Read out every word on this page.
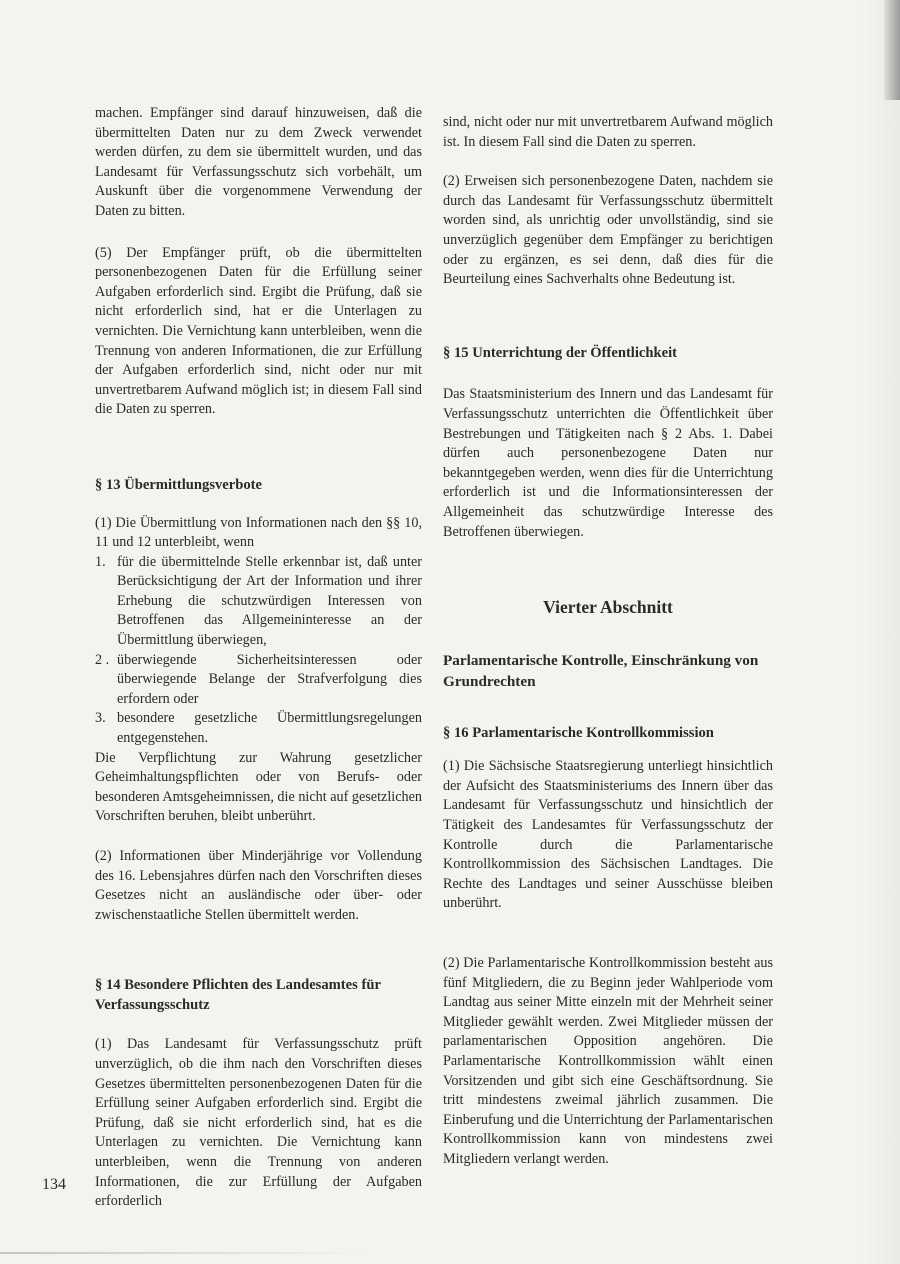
machen. Empfänger sind darauf hinzuweisen, daß die übermittelten Daten nur zu dem Zweck verwendet werden dürfen, zu dem sie übermittelt wurden, und das Landesamt für Verfassungsschutz sich vorbehält, um Auskunft über die vorgenommene Verwendung der Daten zu bitten.

(5) Der Empfänger prüft, ob die übermittelten personenbezogenen Daten für die Erfüllung seiner Aufgaben erforderlich sind. Ergibt die Prüfung, daß sie nicht erforderlich sind, hat er die Unterlagen zu vernichten. Die Vernichtung kann unterbleiben, wenn die Trennung von anderen Informationen, die zur Erfüllung der Aufgaben erforderlich sind, nicht oder nur mit unvertretbarem Aufwand möglich ist; in diesem Fall sind die Daten zu sperren.

§ 13 Übermittlungsverbote

(1) Die Übermittlung von Informationen nach den §§ 10, 11 und 12 unterbleibt, wenn

1. für die übermittelnde Stelle erkennbar ist, daß unter Berücksichtigung der Art der Information und ihrer Erhebung die schutzwürdigen Interessen von Betroffenen das Allgemeininteresse an der Übermittlung überwiegen,
2 . überwiegende Sicherheitsinteressen oder überwiegende Belange der Strafverfolgung dies erfordern oder
3. besondere gesetzliche Übermittlungsregelungen entgegenstehen.

Die Verpflichtung zur Wahrung gesetzlicher Geheimhaltungspflichten oder von Berufs- oder besonderen Amtsgeheimnissen, die nicht auf gesetzlichen Vorschriften beruhen, bleibt unberührt.

(2) Informationen über Minderjährige vor Vollendung des 16. Lebensjahres dürfen nach den Vorschriften dieses Gesetzes nicht an ausländische oder über- oder zwischenstaatliche Stellen übermittelt werden.

§ 14 Besondere Pflichten des Landesamtes für Verfassungsschutz

(1) Das Landesamt für Verfassungsschutz prüft unverzüglich, ob die ihm nach den Vorschriften dieses Gesetzes übermittelten personenbezogenen Daten für die Erfüllung seiner Aufgaben erforderlich sind. Ergibt die Prüfung, daß sie nicht erforderlich sind, hat es die Unterlagen zu vernichten. Die Vernichtung kann unterbleiben, wenn die Trennung von anderen Informationen, die zur Erfüllung der Aufgaben erforderlich

sind, nicht oder nur mit unvertretbarem Aufwand möglich ist. In diesem Fall sind die Daten zu sperren.

(2) Erweisen sich personenbezogene Daten, nachdem sie durch das Landesamt für Verfassungsschutz übermittelt worden sind, als unrichtig oder unvollständig, sind sie unverzüglich gegenüber dem Empfänger zu berichtigen oder zu ergänzen, es sei denn, daß dies für die Beurteilung eines Sachverhalts ohne Bedeutung ist.

§ 15 Unterrichtung der Öffentlichkeit

Das Staatsministerium des Innern und das Landesamt für Verfassungsschutz unterrichten die Öffentlichkeit über Bestrebungen und Tätigkeiten nach § 2 Abs. 1. Dabei dürfen auch personenbezogene Daten nur bekanntgegeben werden, wenn dies für die Unterrichtung erforderlich ist und die Informationsinteressen der Allgemeinheit das schutzwürdige Interesse des Betroffenen überwiegen.

Vierter Abschnitt
Parlamentarische Kontrolle, Einschränkung von Grundrechten

§ 16 Parlamentarische Kontrollkommission

(1) Die Sächsische Staatsregierung unterliegt hinsichtlich der Aufsicht des Staatsministeriums des Innern über das Landesamt für Verfassungsschutz und hinsichtlich der Tätigkeit des Landesamtes für Verfassungsschutz der Kontrolle durch die Parlamentarische Kontrollkommission des Sächsischen Landtages. Die Rechte des Landtages und seiner Ausschüsse bleiben unberührt.

(2) Die Parlamentarische Kontrollkommission besteht aus fünf Mitgliedern, die zu Beginn jeder Wahlperiode vom Landtag aus seiner Mitte einzeln mit der Mehrheit seiner Mitglieder gewählt werden. Zwei Mitglieder müssen der parlamentarischen Opposition angehören. Die Parlamentarische Kontrollkommission wählt einen Vorsitzenden und gibt sich eine Geschäftsordnung. Sie tritt mindestens zweimal jährlich zusammen. Die Einberufung und die Unterrichtung der Parlamentarischen Kontrollkommission kann von mindestens zwei Mitgliedern verlangt werden.

134
